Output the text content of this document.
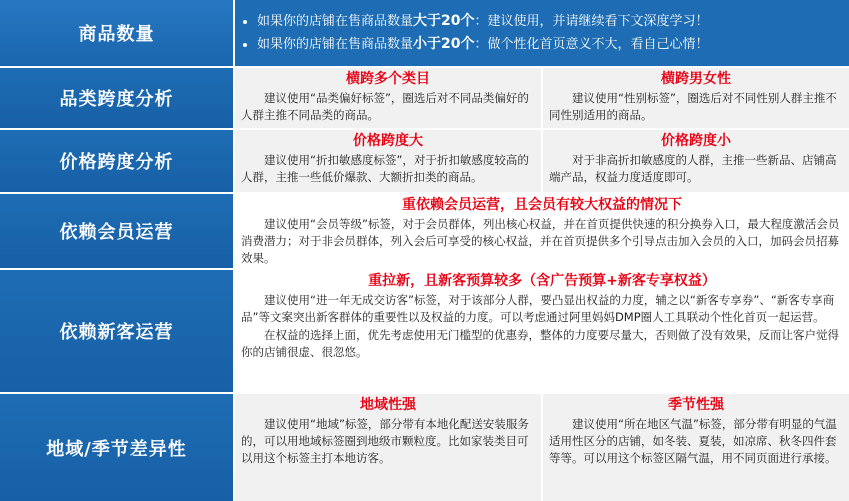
商品数量
• 如果你的店铺在售商品数量大于20个：建议使用，并请继续看下文深度学习！
• 如果你的店铺在售商品数量小于20个：做个性化首页意义不大，看自己心情！
品类跨度分析
横跨多个类目

建议使用“品类偏好标签”，圈选后对不同品类偏好的人群主推不同品类的商品。

横跨男女性

建议使用“性别标签”，圈选后对不同性别人群主推不同性别适用的商品。

价格跨度分析
价格跨度大

建议使用“折扣敏感度标签”，对于折扣敏感度较高的人群，主推一些低价爆款、大额折扣类的商品。

价格跨度小

对于非高折扣敏感度的人群，主推一些新品、店铺高端产品，权益力度适度即可。

依赖会员运营
重依赖会员运营，且会员有较大权益的情况下

建议使用“会员等级”标签，对于会员群体，列出核心权益，并在首页提供快速的积分换券入口，最大程度激活会员消费潜力；对于非会员群体，列入会后可享受的核心权益，并在首页提供多个引导点击加入会员的入口，加码会员招募效果。

依赖新客运营
重拉新，且新客预算较多（含广告预算+新客专享权益）

建议使用“进一年无成交访客”标签，对于该部分人群，要凸显出权益的力度，辅之以“新客专享券”、“新客专享商品”等文案突出新客群体的重要性以及权益的力度。可以考虑通过阿里妈妈DMP圈人工具联动个性化首页一起运营。

在权益的选择上面，优先考虑使用无门槛型的优惠券，整体的力度要尽量大，否则做了没有效果，反而让客户觉得你的店铺很虚、很忽悠。

地域/季节差异性
地域性强

建议使用“地域”标签，部分带有本地化配送安装服务的，可以用地域标签圈到地级市颗粒度。比如家装类目可以用这个标签主打本地访客。

季节性强

建议使用“所在地区气温”标签，部分带有明显的气温适用性区分的店铺，如冬装、夏装，如凉席、秋冬四件套等等。可以用这个标签区隔气温，用不同页面进行承接。
